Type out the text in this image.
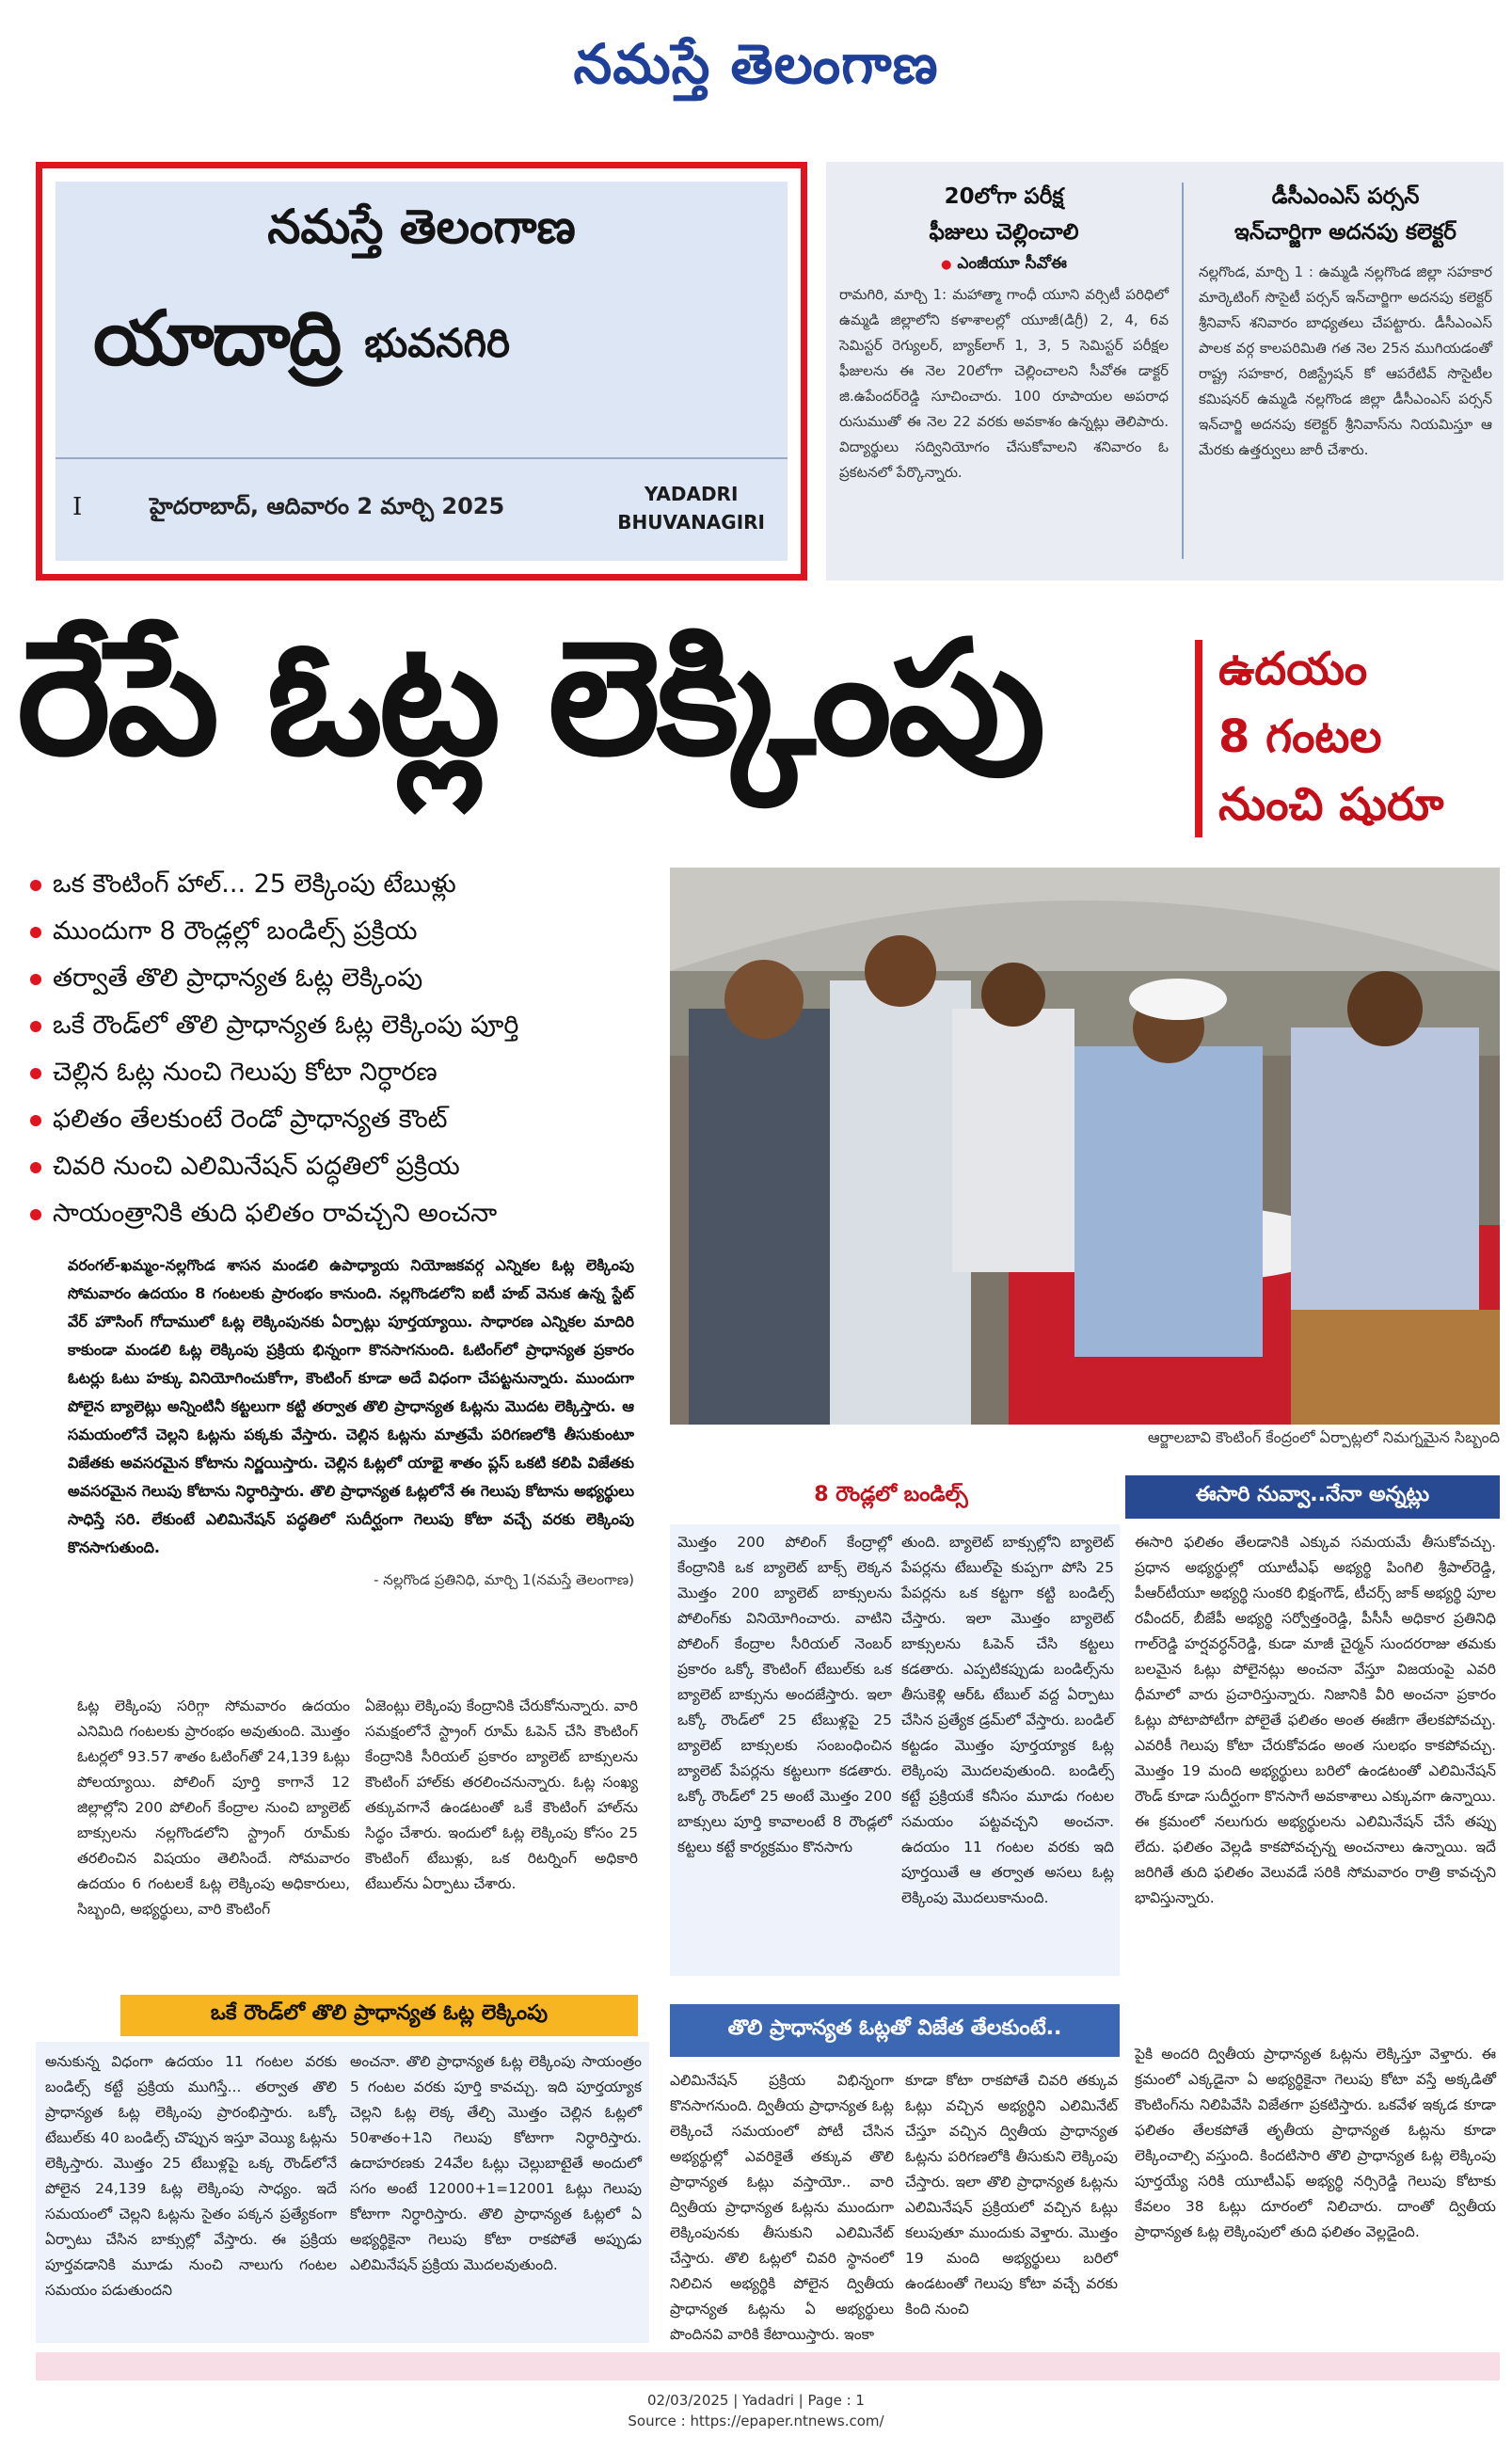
నమస్తే తెలంగాణ
నమస్తే తెలంగాణ
యాదాద్రి భువనగిరి
I	హైదరాబాద్‌, ఆదివారం 2 మార్చి 2025	YADADRI
BHUVANAGIRI
20లోగా పరీక్ష
ఫీజులు చెల్లించాలి
● ఎంజీయూ సీవోఈ
రామగిరి, మార్చి 1: మహాత్మా గాంధీ యూని వర్సిటీ పరిధిలో ఉమ్మడి జిల్లాలోని కళాశాలల్లో యూజీ(డిగ్రీ) 2, 4, 6వ సెమిస్టర్‌ రెగ్యులర్‌, బ్యాక్‌లాగ్‌ 1, 3, 5 సెమిస్టర్‌ పరీక్షల ఫీజులను ఈ నెల 20లోగా చెల్లించాలని సీవోఈ డాక్టర్‌ జి.ఉపేందర్‌రెడ్డి సూచించారు. 100 రూపాయల అపరాధ రుసుముతో ఈ నెల 22 వరకు అవకాశం ఉన్నట్లు తెలిపారు. విద్యార్థులు సద్వినియోగం చేసుకోవాలని శనివారం ఓ ప్రకటనలో పేర్కొన్నారు.
డీసీఎంఎస్‌ పర్సన్‌
ఇన్‌చార్జిగా అదనపు కలెక్టర్‌
నల్లగొండ, మార్చి 1 : ఉమ్మడి నల్లగొండ జిల్లా సహకార మార్కెటింగ్‌ సొసైటీ పర్సన్‌ ఇన్‌చార్జిగా అదనపు కలెక్టర్‌ శ్రీనివాస్‌ శనివారం బాధ్యతలు చేపట్టారు. డీసీఎంఎస్‌ పాలక వర్గ కాలపరిమితి గత నెల 25న ముగియడంతో రాష్ట్ర సహకార, రిజిస్ట్రేషన్‌ కో ఆపరేటివ్‌ సొసైటీల కమిషనర్‌ ఉమ్మడి నల్లగొండ జిల్లా డీసీఎంఎస్‌ పర్సన్‌ ఇన్‌చార్జి అదనపు కలెక్టర్‌ శ్రీనివాస్‌ను నియమిస్తూ ఆ మేరకు ఉత్తర్వులు జారీ చేశారు.
రేపే ఓట్ల లెక్కింపు	ఉదయం
8 గంటల
నుంచి షురూ
ఒక కౌంటింగ్‌ హాల్‌... 25 లెక్కింపు టేబుళ్లు
ముందుగా 8 రౌండ్లల్లో బండిల్స్‌ ప్రక్రియ
తర్వాతే తొలి ప్రాధాన్యత ఓట్ల లెక్కింపు
ఒకే రౌండ్‌లో తొలి ప్రాధాన్యత ఓట్ల లెక్కింపు పూర్తి
చెల్లిన ఓట్ల నుంచి గెలుపు కోటా నిర్ధారణ
ఫలితం తేలకుంటే రెండో ప్రాధాన్యత కౌంట్‌
చివరి నుంచి ఎలిమినేషన్‌ పద్ధతిలో ప్రక్రియ
సాయంత్రానికి తుది ఫలితం రావచ్చని అంచనా
ఆర్జాలబావి కౌంటింగ్‌ కేంద్రంలో ఏర్పాట్లలో నిమగ్నమైన సిబ్బంది
వరంగల్‌-ఖమ్మం-నల్లగొండ శాసన మండలి ఉపాధ్యాయ నియోజకవర్గ ఎన్నికల ఓట్ల లెక్కింపు సోమవారం ఉదయం 8 గంటలకు ప్రారంభం కానుంది. నల్లగొండలోని ఐటీ హబ్‌ వెనుక ఉన్న స్టేట్‌ వేర్‌ హౌసింగ్‌ గోదాములో ఓట్ల లెక్కింపునకు ఏర్పాట్లు పూర్తయ్యాయి. సాధారణ ఎన్నికల మాదిరి కాకుండా మండలి ఓట్ల లెక్కింపు ప్రక్రియ భిన్నంగా కొనసాగనుంది. ఓటింగ్‌లో ప్రాధాన్యత ప్రకారం ఓటర్లు ఓటు హక్కు వినియోగించుకోగా, కౌంటింగ్‌ కూడా అదే విధంగా చేపట్టనున్నారు. ముందుగా పోలైన బ్యాలెట్లు అన్నింటినీ కట్టలుగా కట్టి తర్వాత తొలి ప్రాధాన్యత ఓట్లను మొదట లెక్కిస్తారు. ఆ సమయంలోనే చెల్లని ఓట్లను పక్కకు వేస్తారు. చెల్లిన ఓట్లను మాత్రమే పరిగణలోకి తీసుకుంటూ విజేతకు అవసరమైన కోటాను నిర్ణయిస్తారు. చెల్లిన ఓట్లలో యాభై శాతం ప్లస్‌ ఒకటి కలిపి విజేతకు అవసరమైన గెలుపు కోటాను నిర్ధారిస్తారు. తొలి ప్రాధాన్యత ఓట్లలోనే ఈ గెలుపు కోటాను అభ్యర్థులు సాధిస్తే సరి. లేకుంటే ఎలిమినేషన్‌ పద్ధతిలో సుదీర్ఘంగా గెలుపు కోటా వచ్చే వరకు లెక్కింపు కొనసాగుతుంది.
- నల్లగొండ ప్రతినిధి, మార్చి 1(నమస్తే తెలంగాణ)
8 రౌండ్లలో బండిల్స్‌	ఈసారి నువ్వా..నేనా అన్నట్లు
ఒకే రౌండ్‌లో తొలి ప్రాధాన్యత ఓట్ల లెక్కింపు
తొలి ప్రాధాన్యత ఓట్లతో విజేత తేలకుంటే..
ఓట్ల లెక్కింపు సరిగ్గా సోమవారం ఉదయం ఎనిమిది గంటలకు ప్రారంభం అవుతుంది. మొత్తం ఓటర్లలో 93.57 శాతం ఓటింగ్‌తో 24,139 ఓట్లు పోలయ్యాయి. పోలింగ్‌ పూర్తి కాగానే 12 జిల్లాల్లోని 200 పోలింగ్‌ కేంద్రాల నుంచి బ్యాలెట్‌ బాక్సులను నల్లగొండలోని స్ట్రాంగ్‌ రూమ్‌కు తరలించిన విషయం తెలిసిందే. సోమవారం ఉదయం 6 గంటలకే ఓట్ల లెక్కింపు అధికారులు, సిబ్బంది, అభ్యర్థులు, వారి కౌంటింగ్‌
ఏజెంట్లు లెక్కింపు కేంద్రానికి చేరుకోనున్నారు. వారి సమక్షంలోనే స్ట్రాంగ్‌ రూమ్‌ ఓపెన్‌ చేసి కౌంటింగ్‌ కేంద్రానికి సీరియల్‌ ప్రకారం బ్యాలెట్‌ బాక్సులను కౌంటింగ్‌ హాల్‌కు తరలించనున్నారు. ఓట్ల సంఖ్య తక్కువగానే ఉండటంతో ఒకే కౌంటింగ్‌ హాల్‌ను సిద్ధం చేశారు. ఇందులో ఓట్ల లెక్కింపు కోసం 25 కౌంటింగ్‌ టేబుళ్లు, ఒక రిటర్నింగ్‌ అధికారి టేబుల్‌ను ఏర్పాటు చేశారు.
మొత్తం 200 పోలింగ్‌ కేంద్రాల్లో కేంద్రానికి ఒక బ్యాలెట్‌ బాక్స్‌ లెక్కన మొత్తం 200 బ్యాలెట్‌ బాక్సులను పోలింగ్‌కు వినియోగించారు. వాటిని పోలింగ్‌ కేంద్రాల సీరియల్‌ నెంబర్‌ ప్రకారం ఒక్కో కౌంటింగ్‌ టేబుల్‌కు ఒక బ్యాలెట్‌ బాక్సును అందజేస్తారు. ఇలా ఒక్కో రౌండ్‌లో 25 టేబుళ్లపై 25 బ్యాలెట్‌ బాక్సులకు సంబంధించిన బ్యాలెట్‌ పేపర్లను కట్టలుగా కడతారు. ఒక్కో రౌండ్‌లో 25 అంటే మొత్తం 200 బాక్సులు పూర్తి కావాలంటే 8 రౌండ్లలో కట్టలు కట్టే కార్యక్రమం కొనసాగు
తుంది. బ్యాలెట్‌ బాక్సుల్లోని బ్యాలెట్‌ పేపర్లను టేబుల్‌పై కుప్పగా పోసి 25 పేపర్లను ఒక కట్టగా కట్టి బండిల్స్‌ చేస్తారు. ఇలా మొత్తం బ్యాలెట్‌ బాక్సులను ఓపెన్‌ చేసి కట్టలు కడతారు. ఎప్పటికప్పుడు బండిల్స్‌ను తీసుకెళ్లి ఆర్‌ఓ టేబుల్‌ వద్ద ఏర్పాటు చేసిన ప్రత్యేక డ్రమ్‌లో వేస్తారు. బండిల్‌ కట్టడం మొత్తం పూర్తయ్యాక ఓట్ల లెక్కింపు మొదలవుతుంది. బండిల్స్‌ కట్టే ప్రక్రియకే కనీసం మూడు గంటల సమయం పట్టవచ్చని అంచనా. ఉదయం 11 గంటల వరకు ఇది పూర్తయితే ఆ తర్వాత అసలు ఓట్ల లెక్కింపు మొదలుకానుంది.
ఈసారి ఫలితం తేలడానికి ఎక్కువ సమయమే తీసుకోవచ్చు. ప్రధాన అభ్యర్థుల్లో యూటీఎఫ్‌ అభ్యర్థి పింగిలి శ్రీపాల్‌రెడ్డి, పీఆర్‌టీయూ అభ్యర్థి సుంకరి భిక్షంగౌడ్‌, టీచర్స్‌ జాక్‌ అభ్యర్థి పూల రవీందర్‌, బీజేపీ అభ్యర్థి సర్వోత్తంరెడ్డి, పీసీసీ అధికార ప్రతినిధి గాల్‌రెడ్డి హర్షవర్ధన్‌రెడ్డి, కుడా మాజీ చైర్మన్‌ సుందరరాజు తమకు బలమైన ఓట్లు పోలైనట్లు అంచనా వేస్తూ విజయంపై ఎవరి ధీమాలో వారు ప్రచారిస్తున్నారు. నిజానికి వీరి అంచనా ప్రకారం ఓట్లు పోటాపోటీగా పోలైతే ఫలితం అంత ఈజీగా తేలకపోవచ్చు. ఎవరికీ గెలుపు కోటా చేరుకోవడం అంత సులభం కాకపోవచ్చు. మొత్తం 19 మంది అభ్యర్థులు బరిలో ఉండటంతో ఎలిమినేషన్‌ రౌండ్‌ కూడా సుదీర్ఘంగా కొనసాగే అవకాశాలు ఎక్కువగా ఉన్నాయి. ఈ క్రమంలో నలుగురు అభ్యర్థులను ఎలిమినేషన్‌ చేసే తప్పు లేదు. ఫలితం వెల్లడి కాకపోవచ్చన్న అంచనాలు ఉన్నాయి. ఇదే జరిగితే తుది ఫలితం వెలువడే సరికి సోమవారం రాత్రి కావచ్చని భావిస్తున్నారు.
అనుకున్న విధంగా ఉదయం 11 గంటల వరకు బండిల్స్‌ కట్టే ప్రక్రియ ముగిస్తే... తర్వాత తొలి ప్రాధాన్యత ఓట్ల లెక్కింపు ప్రారంభిస్తారు. ఒక్కో టేబుల్‌కు 40 బండిల్స్‌ చొప్పున ఇస్తూ వెయ్యి ఓట్లను లెక్కిస్తారు. మొత్తం 25 టేబుళ్లపై ఒక్క రౌండ్‌లోనే పోలైన 24,139 ఓట్ల లెక్కింపు సాధ్యం. ఇదే సమయంలో చెల్లని ఓట్లను సైతం పక్కన ప్రత్యేకంగా ఏర్పాటు చేసిన బాక్సుల్లో వేస్తారు. ఈ ప్రక్రియ పూర్తవడానికి మూడు నుంచి నాలుగు గంటల సమయం పడుతుందని
అంచనా. తొలి ప్రాధాన్యత ఓట్ల లెక్కింపు సాయంత్రం 5 గంటల వరకు పూర్తి కావచ్చు. ఇది పూర్తయ్యాక చెల్లని ఓట్ల లెక్క తేల్చి మొత్తం చెల్లిన ఓట్లలో 50శాతం+1ని గెలుపు కోటాగా నిర్ధారిస్తారు. ఉదాహరణకు 24వేల ఓట్లు చెల్లుబాటైతే అందులో సగం అంటే 12000+1=12001 ఓట్లు గెలుపు కోటాగా నిర్ధారిస్తారు. తొలి ప్రాధాన్యత ఓట్లలో ఏ అభ్యర్థికైనా గెలుపు కోటా రాకపోతే అప్పుడు ఎలిమినేషన్‌ ప్రక్రియ మొదలవుతుంది.
ఎలిమినేషన్‌ ప్రక్రియ విభిన్నంగా కొనసాగనుంది. ద్వితీయ ప్రాధాన్యత ఓట్ల లెక్కించే సమయంలో పోటీ చేసిన అభ్యర్థుల్లో ఎవరికైతే తక్కువ తొలి ప్రాధాన్యత ఓట్లు వస్తాయో.. వారి ద్వితీయ ప్రాధాన్యత ఓట్లను ముందుగా లెక్కింపునకు తీసుకుని ఎలిమినేట్‌ చేస్తారు. తొలి ఓట్లలో చివరి స్థానంలో నిలిచిన అభ్యర్థికి పోలైన ద్వితీయ ప్రాధాన్యత ఓట్లను ఏ అభ్యర్థులు పొందినవి వారికి కేటాయిస్తారు. ఇంకా
కూడా కోటా రాకపోతే చివరి తక్కువ ఓట్లు వచ్చిన అభ్యర్థిని ఎలిమినేట్‌ చేస్తూ వచ్చిన ద్వితీయ ప్రాధాన్యత ఓట్లను పరిగణలోకి తీసుకుని లెక్కింపు చేస్తారు. ఇలా తొలి ప్రాధాన్యత ఓట్లను ఎలిమినేషన్‌ ప్రక్రియలో వచ్చిన ఓట్లు కలుపుతూ ముందుకు వెళ్తారు. మొత్తం 19 మంది అభ్యర్థులు బరిలో ఉండటంతో గెలుపు కోటా వచ్చే వరకు కింది నుంచి
పైకి అందరి ద్వితీయ ప్రాధాన్యత ఓట్లను లెక్కిస్తూ వెళ్తారు. ఈ క్రమంలో ఎక్కడైనా ఏ అభ్యర్థికైనా గెలుపు కోటా వస్తే అక్కడితో కౌంటింగ్‌ను నిలిపివేసి విజేతగా ప్రకటిస్తారు. ఒకవేళ ఇక్కడ కూడా ఫలితం తేలకపోతే తృతీయ ప్రాధాన్యత ఓట్లను కూడా లెక్కించాల్సి వస్తుంది. కిందటిసారి తొలి ప్రాధాన్యత ఓట్ల లెక్కింపు పూర్తయ్యే సరికి యూటీఎఫ్‌ అభ్యర్థి నర్సిరెడ్డి గెలుపు కోటాకు కేవలం 38 ఓట్లు దూరంలో నిలిచారు. దాంతో ద్వితీయ ప్రాధాన్యత ఓట్ల లెక్కింపులో తుది ఫలితం వెల్లడైంది.
02/03/2025 | Yadadri | Page : 1
Source : https://epaper.ntnews.com/
